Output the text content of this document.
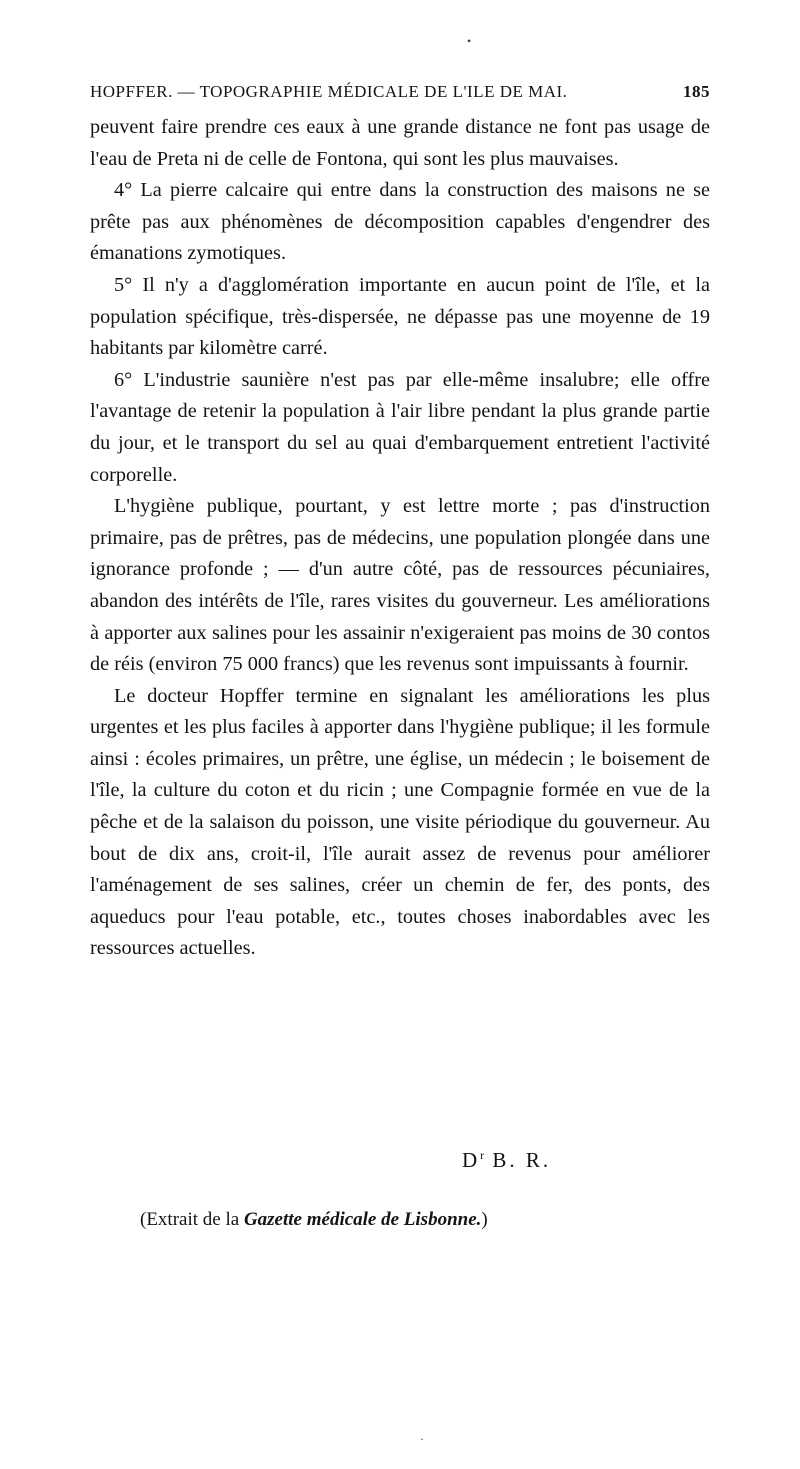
HOPFFER. — TOPOGRAPHIE MÉDICALE DE L'ILE DE MAI.	185

peuvent faire prendre ces eaux à une grande distance ne font pas usage de l'eau de Preta ni de celle de Fontona, qui sont les plus mauvaises.

4° La pierre calcaire qui entre dans la construction des maisons ne se prête pas aux phénomènes de décomposition capables d'engendrer des émanations zymotiques.

5° Il n'y a d'agglomération importante en aucun point de l'île, et la population spécifique, très-dispersée, ne dépasse pas une moyenne de 19 habitants par kilomètre carré.

6° L'industrie saunière n'est pas par elle-même insalubre; elle offre l'avantage de retenir la population à l'air libre pendant la plus grande partie du jour, et le transport du sel au quai d'embarquement entretient l'activité corporelle.

L'hygiène publique, pourtant, y est lettre morte ; pas d'instruction primaire, pas de prêtres, pas de médecins, une population plongée dans une ignorance profonde ; — d'un autre côté, pas de ressources pécuniaires, abandon des intérêts de l'île, rares visites du gouverneur. Les améliorations à apporter aux salines pour les assainir n'exigeraient pas moins de 30 contos de réis (environ 75 000 francs) que les revenus sont impuissants à fournir.

Le docteur Hopffer termine en signalant les améliorations les plus urgentes et les plus faciles à apporter dans l'hygiène publique; il les formule ainsi : écoles primaires, un prêtre, une église, un médecin ; le boisement de l'île, la culture du coton et du ricin ; une Compagnie formée en vue de la pêche et de la salaison du poisson, une visite périodique du gouverneur. Au bout de dix ans, croit-il, l'île aurait assez de revenus pour améliorer l'aménagement de ses salines, créer un chemin de fer, des ponts, des aqueducs pour l'eau potable, etc., toutes choses inabordables avec les ressources actuelles.

$D^r$ B. R.
(Extrait de la Gazette médicale de Lisbonne.)
•
·
